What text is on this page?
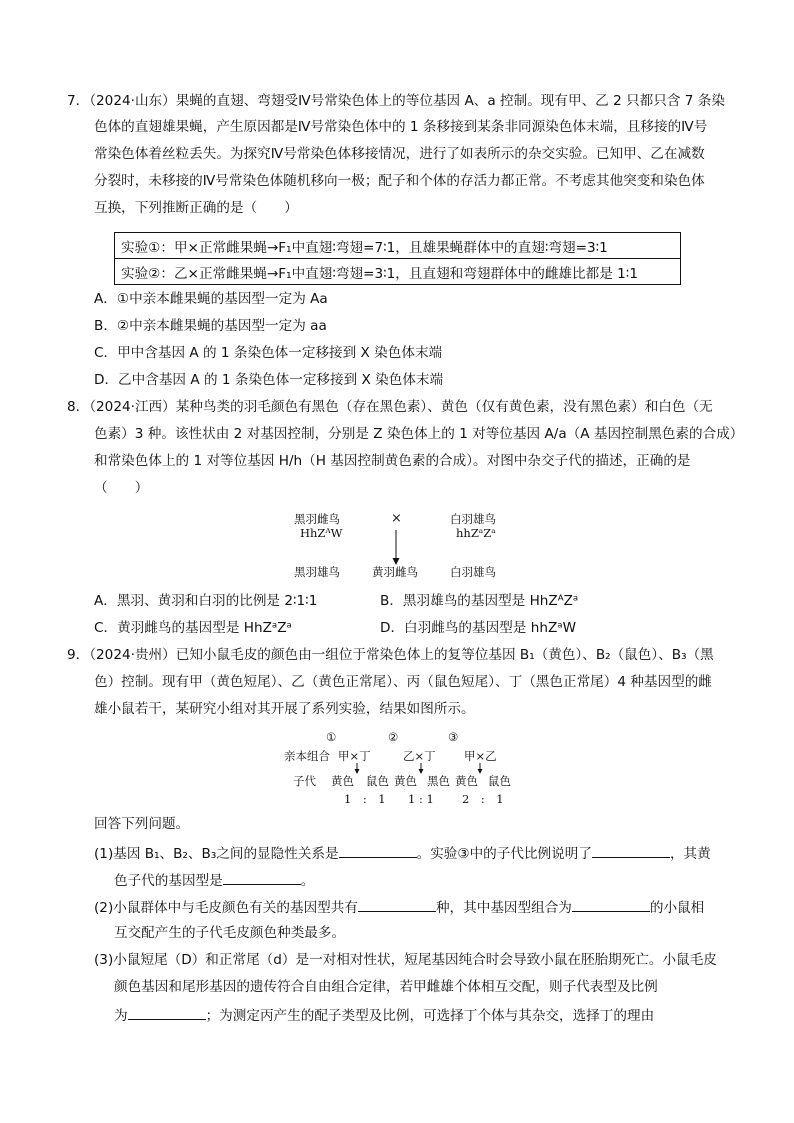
7．（2024·山东）果蝇的直翅、弯翅受Ⅳ号常染色体上的等位基因 A、a 控制。现有甲、乙 2 只都只含 7 条染
色体的直翅雄果蝇，产生原因都是Ⅳ号常染色体中的 1 条移接到某条非同源染色体末端，且移接的Ⅳ号
常染色体着丝粒丢失。为探究Ⅳ号常染色体移接情况，进行了如表所示的杂交实验。已知甲、乙在减数
分裂时，未移接的Ⅳ号常染色体随机移向一极；配子和个体的存活力都正常。不考虑其他突变和染色体
互换，下列推断正确的是（　　）
实验①：甲×正常雌果蝇→F₁中直翅∶弯翅=7∶1，且雄果蝇群体中的直翅∶弯翅=3∶1
实验②：乙×正常雌果蝇→F₁中直翅∶弯翅=3∶1，且直翅和弯翅群体中的雌雄比都是 1∶1
A．①中亲本雌果蝇的基因型一定为 Aa
B．②中亲本雌果蝇的基因型一定为 aa
C．甲中含基因 A 的 1 条染色体一定移接到 X 染色体末端
D．乙中含基因 A 的 1 条染色体一定移接到 X 染色体末端
8．（2024·江西）某种鸟类的羽毛颜色有黑色（存在黑色素）、黄色（仅有黄色素，没有黑色素）和白色（无
色素）3 种。该性状由 2 对基因控制，分别是 Z 染色体上的 1 对等位基因 A/a（A 基因控制黑色素的合成）
和常染色体上的 1 对等位基因 H/h（H 基因控制黄色素的合成）。对图中杂交子代的描述，正确的是
（　　）
黑羽雌鸟
HhZᴬW
×	白羽雄鸟
hhZᵃZᵃ
黑羽雄鸟	黄羽雌鸟	白羽雄鸟
A．黑羽、黄羽和白羽的比例是 2∶1∶1	B．黑羽雄鸟的基因型是 HhZᴬZᵃ
C．黄羽雌鸟的基因型是 HhZᵃZᵃ	D．白羽雌鸟的基因型是 hhZᵃW
9．（2024·贵州）已知小鼠毛皮的颜色由一组位于常染色体上的复等位基因 B₁（黄色）、B₂（鼠色）、B₃（黑
色）控制。现有甲（黄色短尾）、乙（黄色正常尾）、丙（鼠色短尾）、丁（黑色正常尾）4 种基因型的雌
雄小鼠若干，某研究小组对其开展了系列实验，结果如图所示。
①	②	③
亲本组合 甲×丁	乙×丁 甲×乙
子代 黄色 鼠色 黄色 黑色 黄色 鼠色
1　:　1 1 : 1 2　:　1
回答下列问题。
(1)基因 B₁、B₂、B₃之间的显隐性关系是	。实验③中的子代比例说明了	，其黄
色子代的基因型是	。
(2)小鼠群体中与毛皮颜色有关的基因型共有	种，其中基因型组合为	的小鼠相
互交配产生的子代毛皮颜色种类最多。
(3)小鼠短尾（D）和正常尾（d）是一对相对性状，短尾基因纯合时会导致小鼠在胚胎期死亡。小鼠毛皮
颜色基因和尾形基因的遗传符合自由组合定律，若甲雌雄个体相互交配，则子代表型及比例
为	；为测定丙产生的配子类型及比例，可选择丁个体与其杂交，选择丁的理由
